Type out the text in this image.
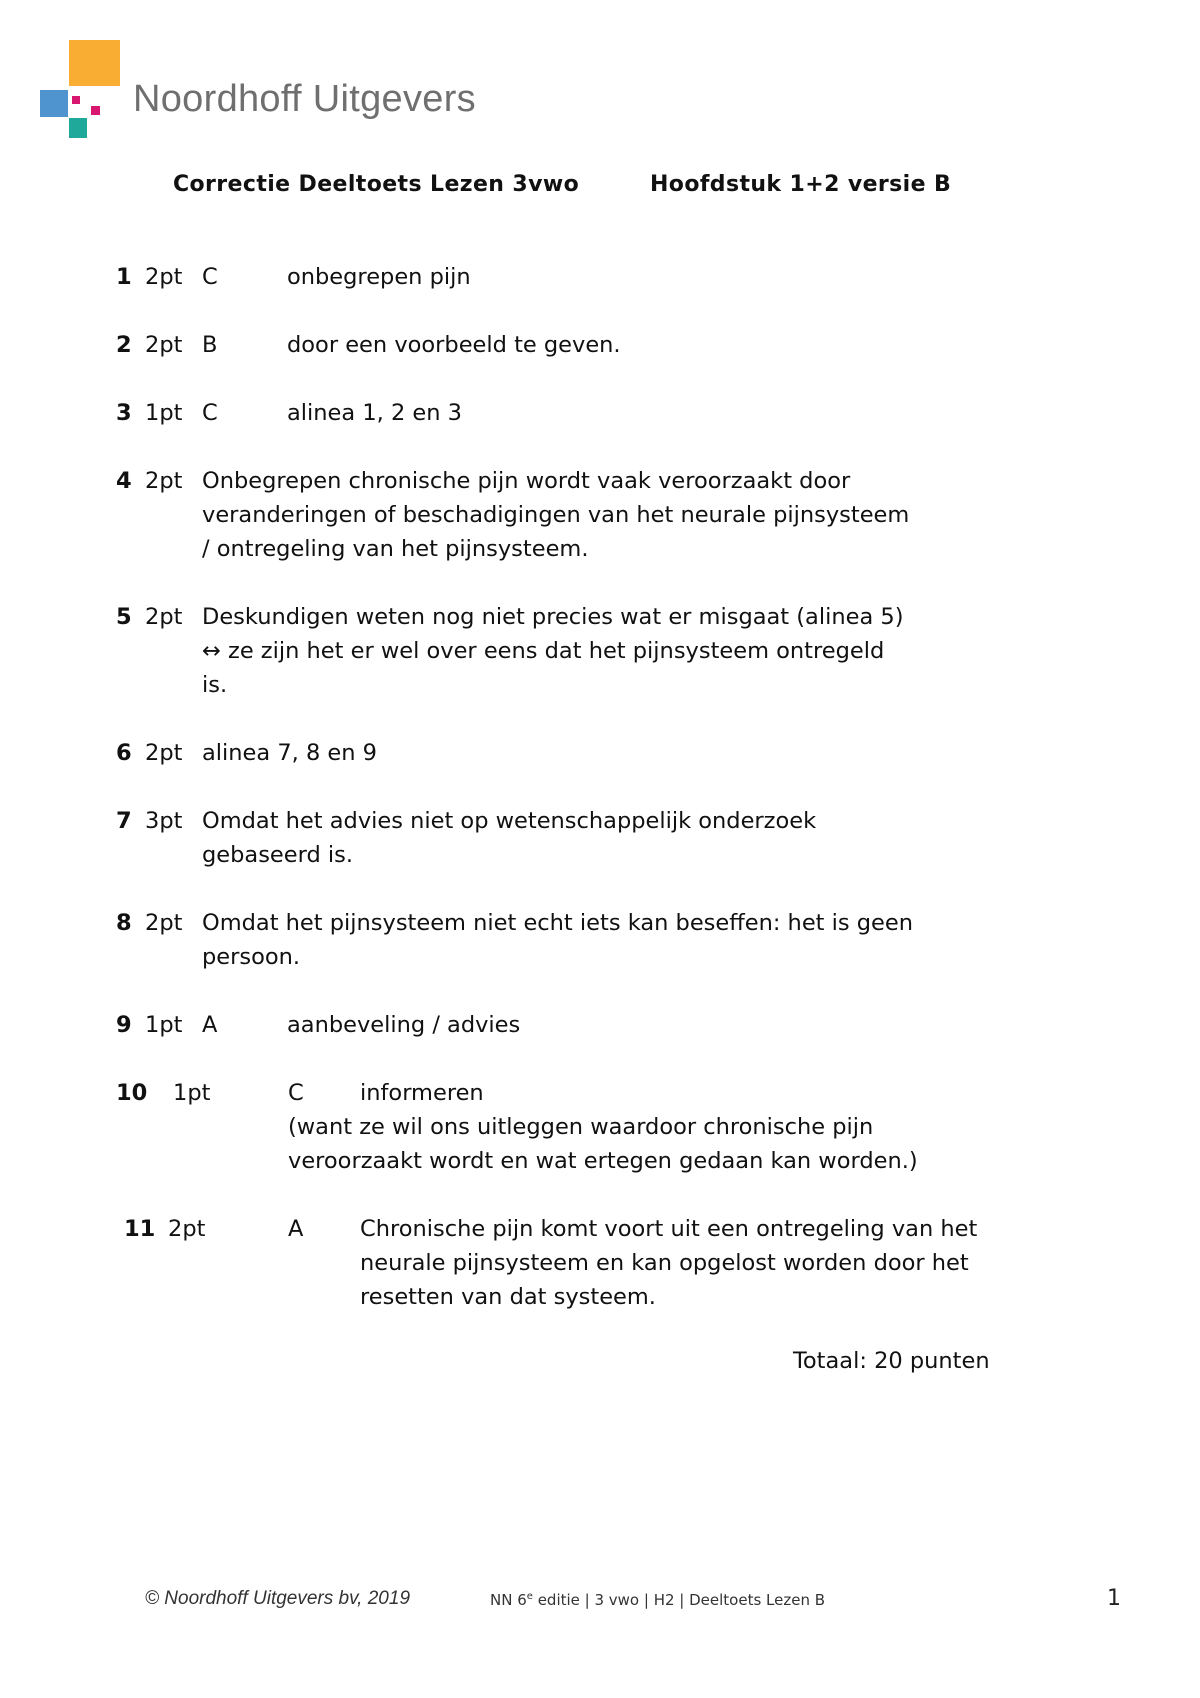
Noordhoff Uitgevers
Correctie Deeltoets Lezen 3vwo	Hoofdstuk 1+2 versie B
1 2pt C	onbegrepen pijn
2 2pt B	door een voorbeeld te geven.
3 1pt C	alinea 1, 2 en 3
4 2pt Onbegrepen chronische pijn wordt vaak veroorzaakt door
veranderingen of beschadigingen van het neurale pijnsysteem
/ ontregeling van het pijnsysteem.
5 2pt Deskundigen weten nog niet precies wat er misgaat (alinea 5)
↔ ze zijn het er wel over eens dat het pijnsysteem ontregeld
is.
6 2pt alinea 7, 8 en 9
7 3pt Omdat het advies niet op wetenschappelijk onderzoek
gebaseerd is.
8 2pt Omdat het pijnsysteem niet echt iets kan beseffen: het is geen
persoon.
9 1pt A	aanbeveling / advies
10 1pt	C	informeren
(want ze wil ons uitleggen waardoor chronische pijn
veroorzaakt wordt en wat ertegen gedaan kan worden.)
11 2pt	A	Chronische pijn komt voort uit een ontregeling van het
neurale pijnsysteem en kan opgelost worden door het
resetten van dat systeem.
Totaal: 20 punten
© Noordhoff Uitgevers bv, 2019	NN 6e editie | 3 vwo | H2 | Deeltoets Lezen B	1
